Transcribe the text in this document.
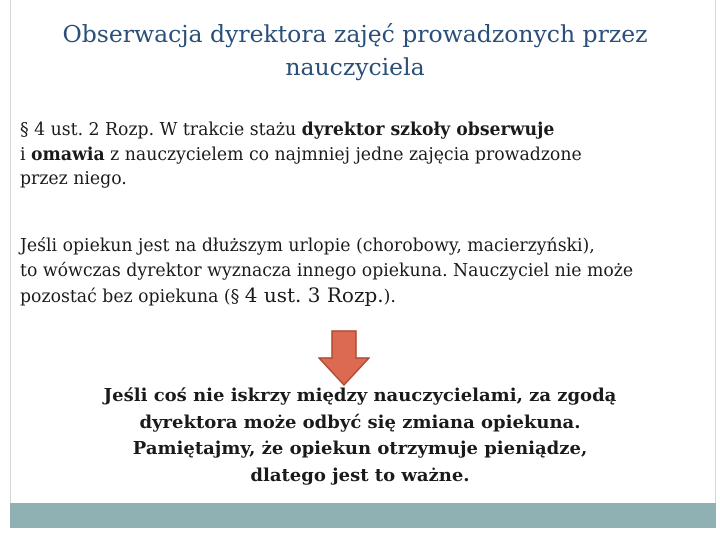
Obserwacja dyrektora zajęć prowadzonych przez
nauczyciela
§ 4 ust. 2 Rozp. W trakcie stażu dyrektor szkoły obserwuje
i omawia z nauczycielem co najmniej jedne zajęcia prowadzone
przez niego.
Jeśli opiekun jest na dłuższym urlopie (chorobowy, macierzyński),
to wówczas dyrektor wyznacza innego opiekuna. Nauczyciel nie może
pozostać bez opiekuna (§ 4 ust. 3 Rozp.).
Jeśli coś nie iskrzy między nauczycielami, za zgodą
dyrektora może odbyć się zmiana opiekuna.
Pamiętajmy, że opiekun otrzymuje pieniądze,
dlatego jest to ważne.
